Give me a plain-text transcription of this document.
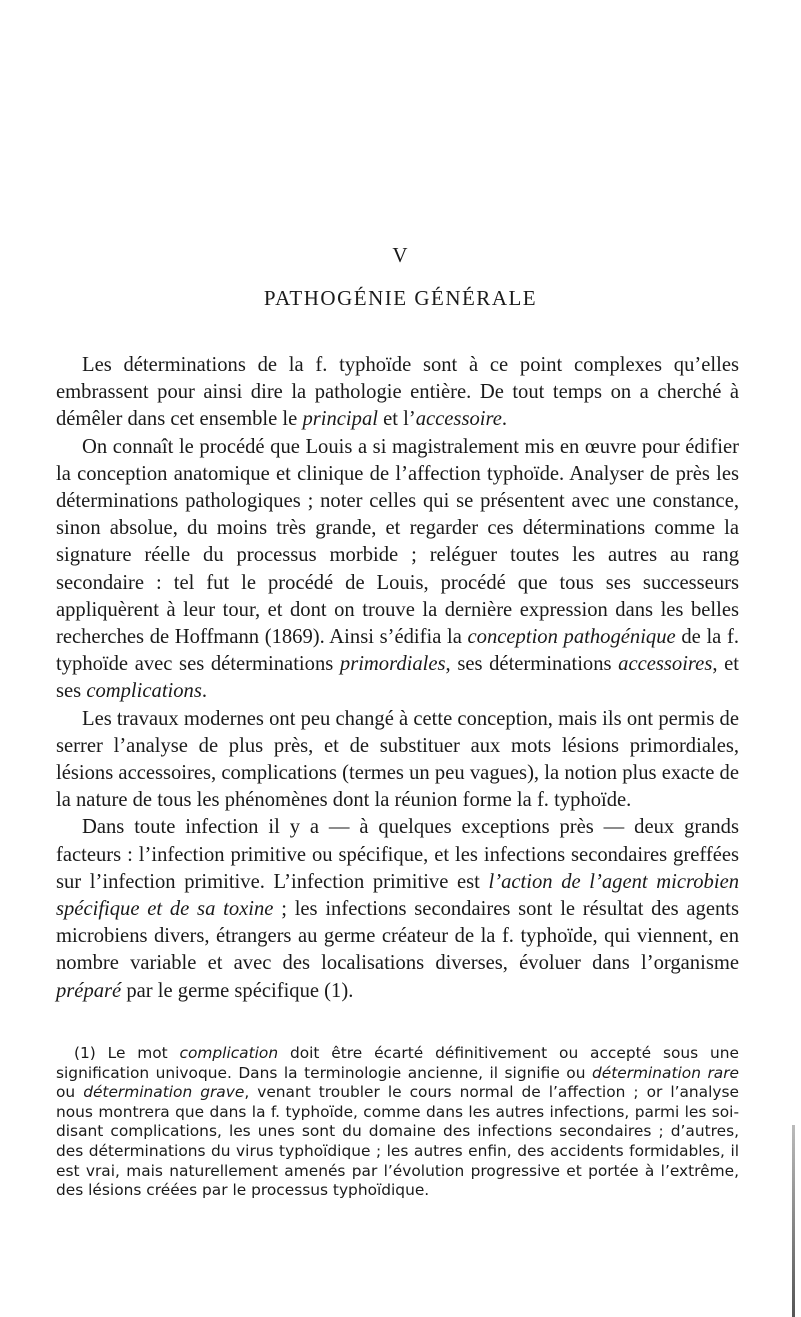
V
PATHOGÉNIE GÉNÉRALE

Les déterminations de la f. typhoïde sont à ce point complexes qu’elles embrassent pour ainsi dire la pathologie entière. De tout temps on a cherché à démêler dans cet ensemble le principal et l’accessoire.

On connaît le procédé que Louis a si magistralement mis en œuvre pour édifier la conception anatomique et clinique de l’affection typhoïde. Analyser de près les déterminations pathologiques ; noter celles qui se présentent avec une constance, sinon absolue, du moins très grande, et regarder ces déterminations comme la signature réelle du processus morbide ; reléguer toutes les autres au rang secondaire : tel fut le procédé de Louis, procédé que tous ses successeurs appliquèrent à leur tour, et dont on trouve la dernière expression dans les belles recherches de Hoffmann (1869). Ainsi s’édifia la conception pathogénique de la f. typhoïde avec ses déterminations primordiales, ses déterminations accessoires, et ses complications.

Les travaux modernes ont peu changé à cette conception, mais ils ont permis de serrer l’analyse de plus près, et de substituer aux mots lésions primordiales, lésions accessoires, complications (termes un peu vagues), la notion plus exacte de la nature de tous les phénomènes dont la réunion forme la f. typhoïde.

Dans toute infection il y a — à quelques exceptions près — deux grands facteurs : l’infection primitive ou spécifique, et les infections secondaires greffées sur l’infection primitive. L’infection primitive est l’action de l’agent microbien spécifique et de sa toxine ; les infections secondaires sont le résultat des agents microbiens divers, étrangers au germe créateur de la f. typhoïde, qui viennent, en nombre variable et avec des localisations diverses, évoluer dans l’organisme préparé par le germe spécifique (1).

(1) Le mot complication doit être écarté définitivement ou accepté sous une signification univoque. Dans la terminologie ancienne, il signifie ou détermination rare ou détermination grave, venant troubler le cours normal de l’affection ; or l’analyse nous montrera que dans la f. typhoïde, comme dans les autres infections, parmi les soi-disant complications, les unes sont du domaine des infections secondaires ; d’autres, des déterminations du virus typhoïdique ; les autres enfin, des accidents formidables, il est vrai, mais naturellement amenés par l’évolution progressive et portée à l’extrême, des lésions créées par le processus typhoïdique.
